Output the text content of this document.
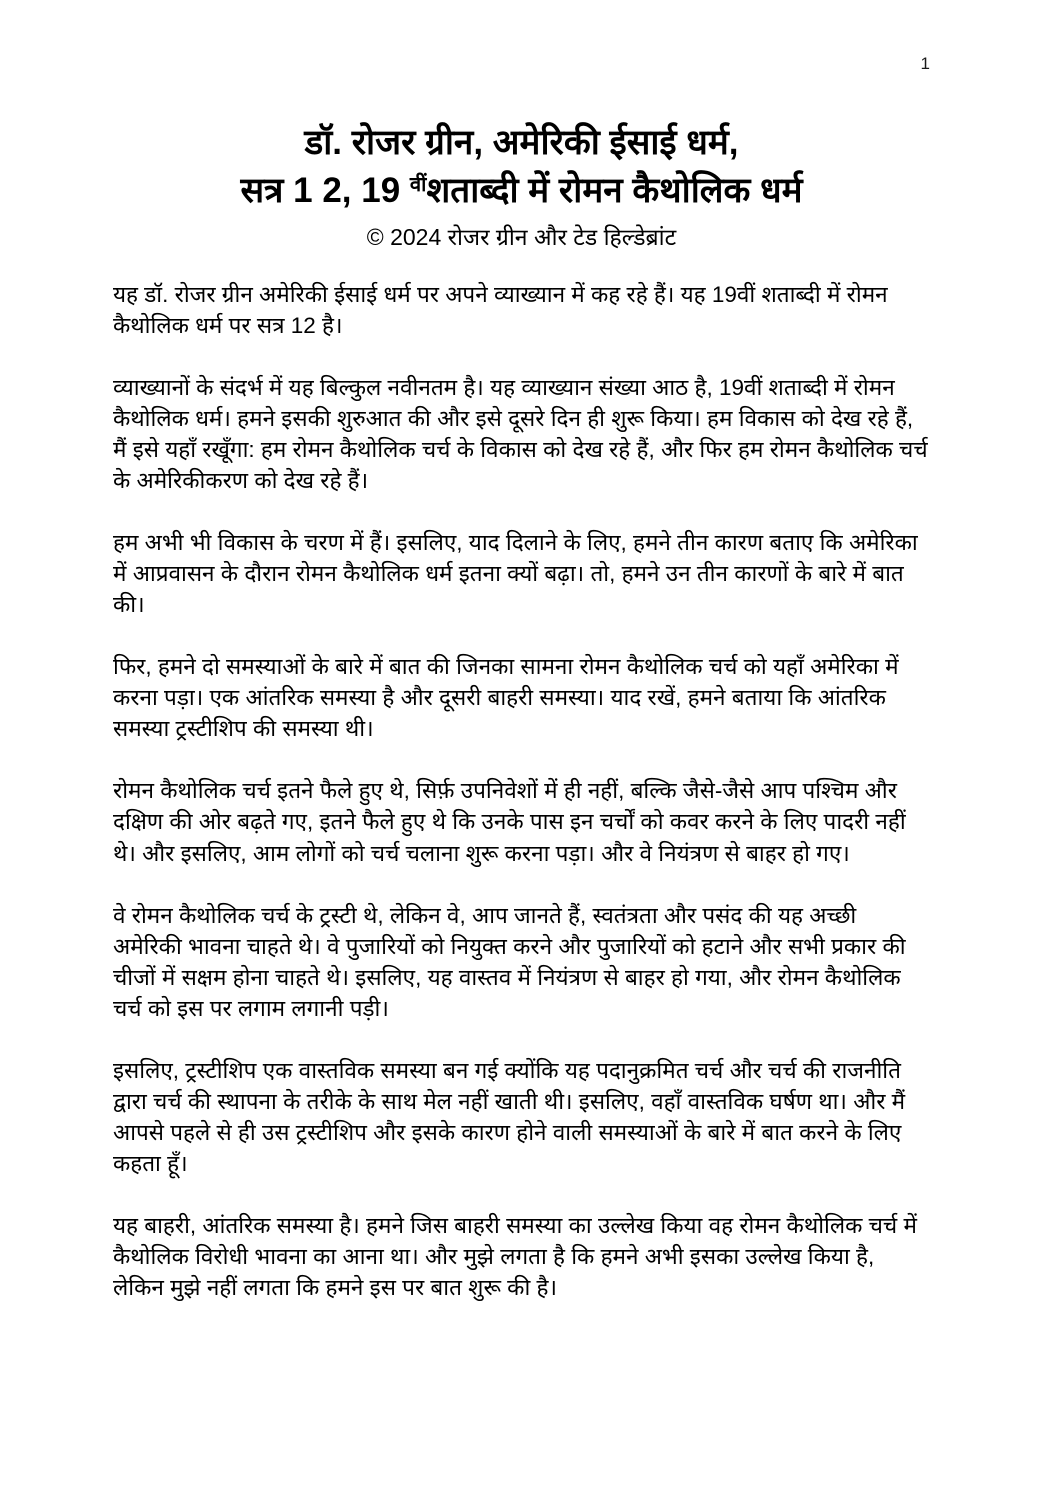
1
डॉ. रोजर ग्रीन, अमेरिकी ईसाई धर्म,
सत्र 1 2, 19 $^{वीं}$शताब्दी में रोमन कैथोलिक धर्म
© 2024 रोजर ग्रीन और टेड हिल्डेब्रांट

यह डॉ. रोजर ग्रीन अमेरिकी ईसाई धर्म पर अपने व्याख्यान में कह रहे हैं। यह 19वीं शताब्दी में रोमन कैथोलिक धर्म पर सत्र 12 है।

व्याख्यानों के संदर्भ में यह बिल्कुल नवीनतम है। यह व्याख्यान संख्या आठ है, 19वीं शताब्दी में रोमन कैथोलिक धर्म। हमने इसकी शुरुआत की और इसे दूसरे दिन ही शुरू किया। हम विकास को देख रहे हैं, मैं इसे यहाँ रखूँगा: हम रोमन कैथोलिक चर्च के विकास को देख रहे हैं, और फिर हम रोमन कैथोलिक चर्च के अमेरिकीकरण को देख रहे हैं।

हम अभी भी विकास के चरण में हैं। इसलिए, याद दिलाने के लिए, हमने तीन कारण बताए कि अमेरिका में आप्रवासन के दौरान रोमन कैथोलिक धर्म इतना क्यों बढ़ा। तो, हमने उन तीन कारणों के बारे में बात की।

फिर, हमने दो समस्याओं के बारे में बात की जिनका सामना रोमन कैथोलिक चर्च को यहाँ अमेरिका में करना पड़ा। एक आंतरिक समस्या है और दूसरी बाहरी समस्या। याद रखें, हमने बताया कि आंतरिक समस्या ट्रस्टीशिप की समस्या थी।

रोमन कैथोलिक चर्च इतने फैले हुए थे, सिर्फ़ उपनिवेशों में ही नहीं, बल्कि जैसे-जैसे आप पश्चिम और दक्षिण की ओर बढ़ते गए, इतने फैले हुए थे कि उनके पास इन चर्चों को कवर करने के लिए पादरी नहीं थे। और इसलिए, आम लोगों को चर्च चलाना शुरू करना पड़ा। और वे नियंत्रण से बाहर हो गए।

वे रोमन कैथोलिक चर्च के ट्रस्टी थे, लेकिन वे, आप जानते हैं, स्वतंत्रता और पसंद की यह अच्छी अमेरिकी भावना चाहते थे। वे पुजारियों को नियुक्त करने और पुजारियों को हटाने और सभी प्रकार की चीजों में सक्षम होना चाहते थे। इसलिए, यह वास्तव में नियंत्रण से बाहर हो गया, और रोमन कैथोलिक चर्च को इस पर लगाम लगानी पड़ी।

इसलिए, ट्रस्टीशिप एक वास्तविक समस्या बन गई क्योंकि यह पदानुक्रमित चर्च और चर्च की राजनीति द्वारा चर्च की स्थापना के तरीके के साथ मेल नहीं खाती थी। इसलिए, वहाँ वास्तविक घर्षण था। और मैं आपसे पहले से ही उस ट्रस्टीशिप और इसके कारण होने वाली समस्याओं के बारे में बात करने के लिए कहता हूँ।

यह बाहरी, आंतरिक समस्या है। हमने जिस बाहरी समस्या का उल्लेख किया वह रोमन कैथोलिक चर्च में कैथोलिक विरोधी भावना का आना था। और मुझे लगता है कि हमने अभी इसका उल्लेख किया है, लेकिन मुझे नहीं लगता कि हमने इस पर बात शुरू की है।
